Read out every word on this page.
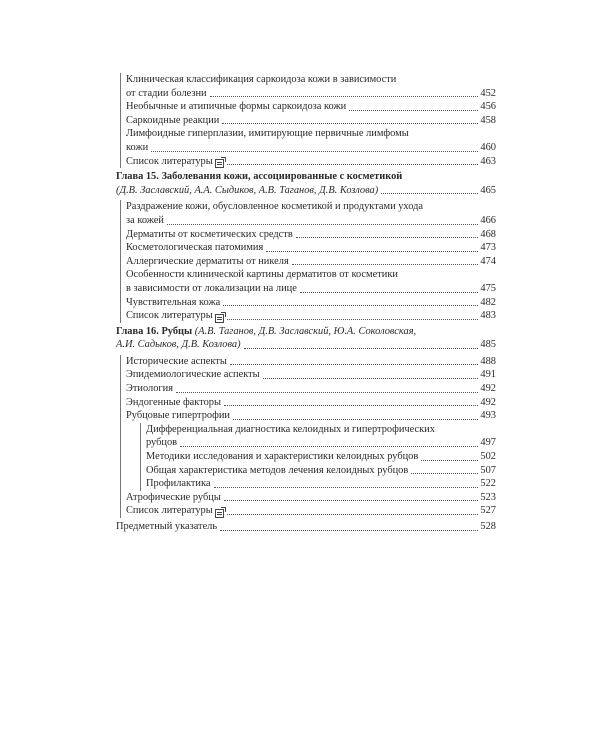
Клиническая классификация саркоидоза кожи в зависимости
от стадии болезни	452
Необычные и атипичные формы саркоидоза кожи	456
Саркоидные реакции	458
Лимфоидные гиперплазии, имитирующие первичные лимфомы
кожи	460
Список литературы	463
Глава 15. Заболевания кожи, ассоциированные с косметикой
(Д.В. Заславский, А.А. Сыдиков, А.В. Таганов, Д.В. Козлова)	465
Раздражение кожи, обусловленное косметикой и продуктами ухода
за кожей	466
Дерматиты от косметических средств	468
Косметологическая патомимия	473
Аллергические дерматиты от никеля	474
Особенности клинической картины дерматитов от косметики
в зависимости от локализации на лице	475
Чувствительная кожа	482
Список литературы	483
Глава 16. Рубцы (А.В. Таганов, Д.В. Заславский, Ю.А. Соколовская,
А.И. Садыков, Д.В. Козлова)	485
Исторические аспекты	488
Эпидемиологические аспекты	491
Этиология	492
Эндогенные факторы	492
Рубцовые гипертрофии	493
Дифференциальная диагностика келоидных и гипертрофических
рубцов	497
Методики исследования и характеристики келоидных рубцов	502
Общая характеристика методов лечения келоидных рубцов	507
Профилактика	522
Атрофические рубцы	523
Список литературы	527
Предметный указатель	528
